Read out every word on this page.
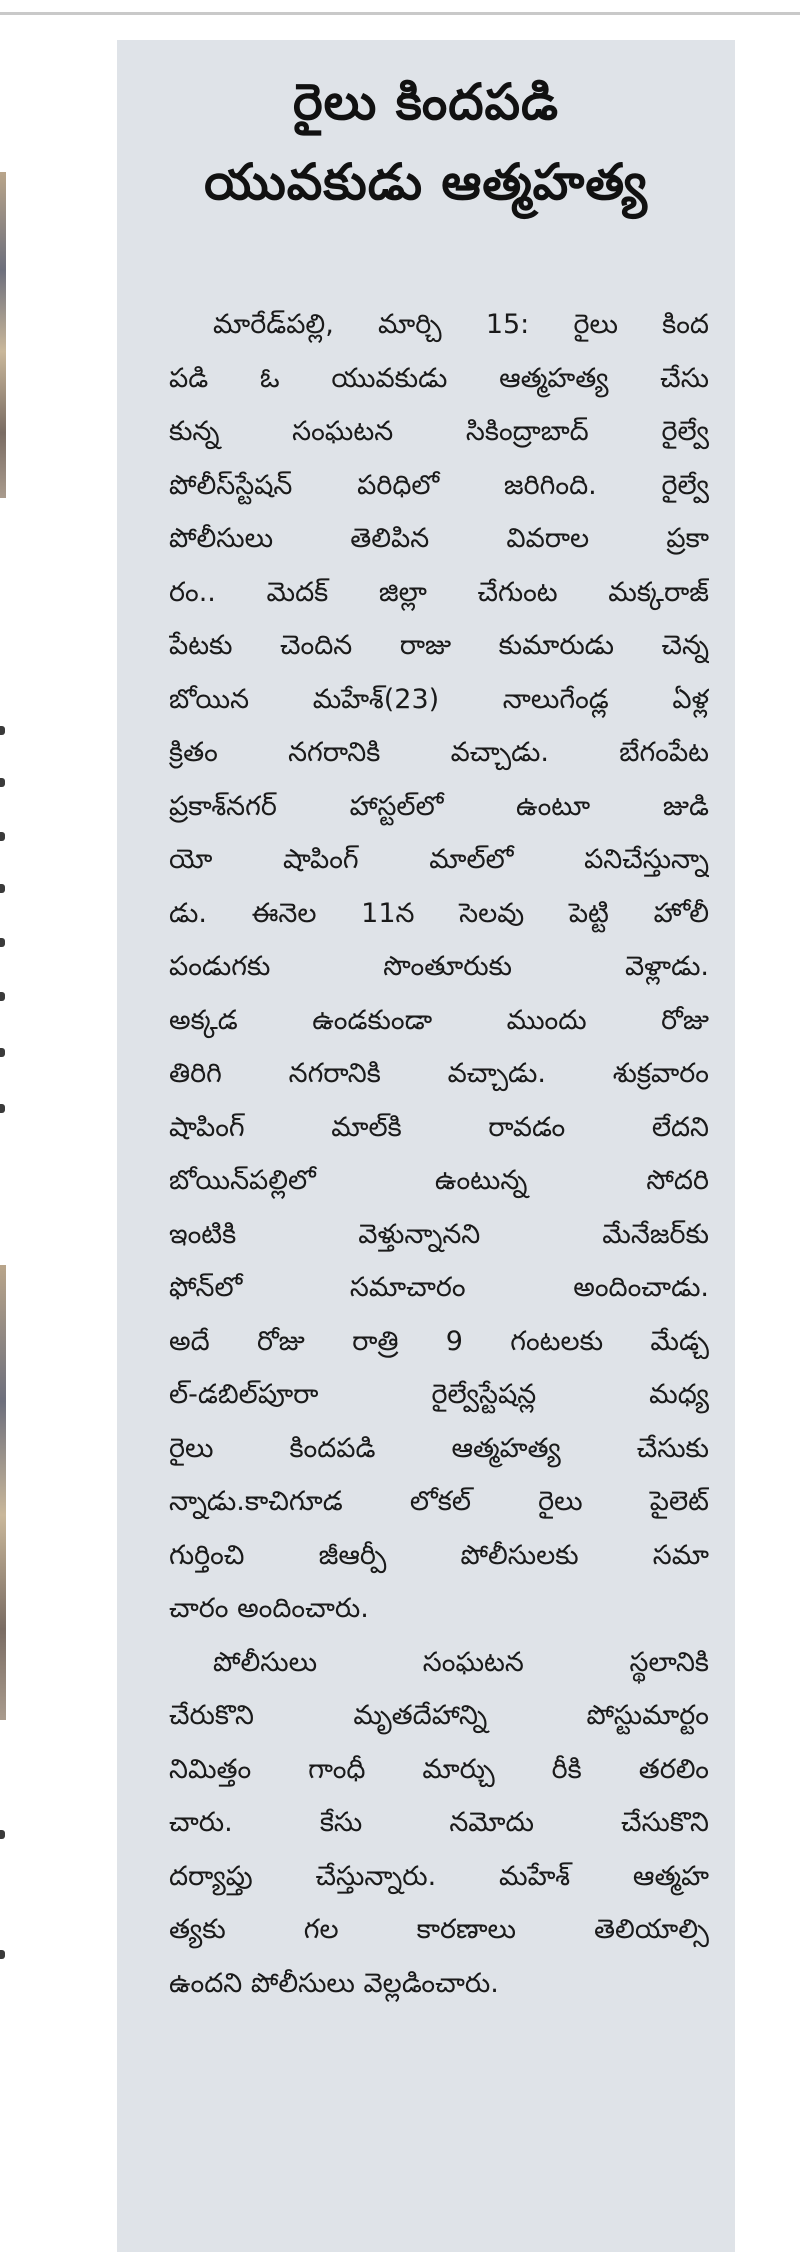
రైలు కిందపడి
యువకుడు ఆత్మహత్య
మారేడ్‌పల్లి, మార్చి 15: రైలు కింద
పడి ఓ యువకుడు ఆత్మహత్య చేసు
కున్న సంఘటన సికింద్రాబాద్ రైల్వే
పోలీస్‌స్టేషన్ పరిధిలో జరిగింది. రైల్వే
పోలీసులు తెలిపిన వివరాల ప్రకా
రం.. మెదక్ జిల్లా చేగుంట మక్కరాజ్
పేటకు చెందిన రాజు కుమారుడు చెన్న
బోయిన మహేశ్(23) నాలుగేండ్ల ఏళ్ల
క్రితం నగరానికి వచ్చాడు. బేగంపేట
ప్రకాశ్‌నగర్ హాస్టల్‌లో ఉంటూ జుడి
యో షాపింగ్ మాల్‌లో పనిచేస్తున్నా
డు. ఈనెల 11న సెలవు పెట్టి హోలీ
పండుగకు సొంతూరుకు వెళ్లాడు.
అక్కడ ఉండకుండా ముందు రోజు
తిరిగి నగరానికి వచ్చాడు. శుక్రవారం
షాపింగ్ మాల్‌కి రావడం లేదని
బోయిన్‌పల్లిలో ఉంటున్న సోదరి
ఇంటికి వెళ్తున్నానని మేనేజర్‌కు
ఫోన్‌లో సమాచారం అందించాడు.
అదే రోజు రాత్రి 9 గంటలకు మేడ్చ
ల్-డబిల్‌పూరా రైల్వేస్టేషన్ల మధ్య
రైలు కిందపడి ఆత్మహత్య చేసుకు
న్నాడు.కాచిగూడ లోకల్ రైలు పైలెట్
గుర్తించి జీఆర్పీ పోలీసులకు సమా
చారం అందించారు.
పోలీసులు సంఘటన స్థలానికి
చేరుకొని మృతదేహాన్ని పోస్టుమార్టం
నిమిత్తం గాంధీ మార్చు రీకి తరలిం
చారు. కేసు నమోదు చేసుకొని
దర్యాప్తు చేస్తున్నారు. మహేశ్ ఆత్మహ
త్యకు గల కారణాలు తెలియాల్సి
ఉందని పోలీసులు వెల్లడించారు.
